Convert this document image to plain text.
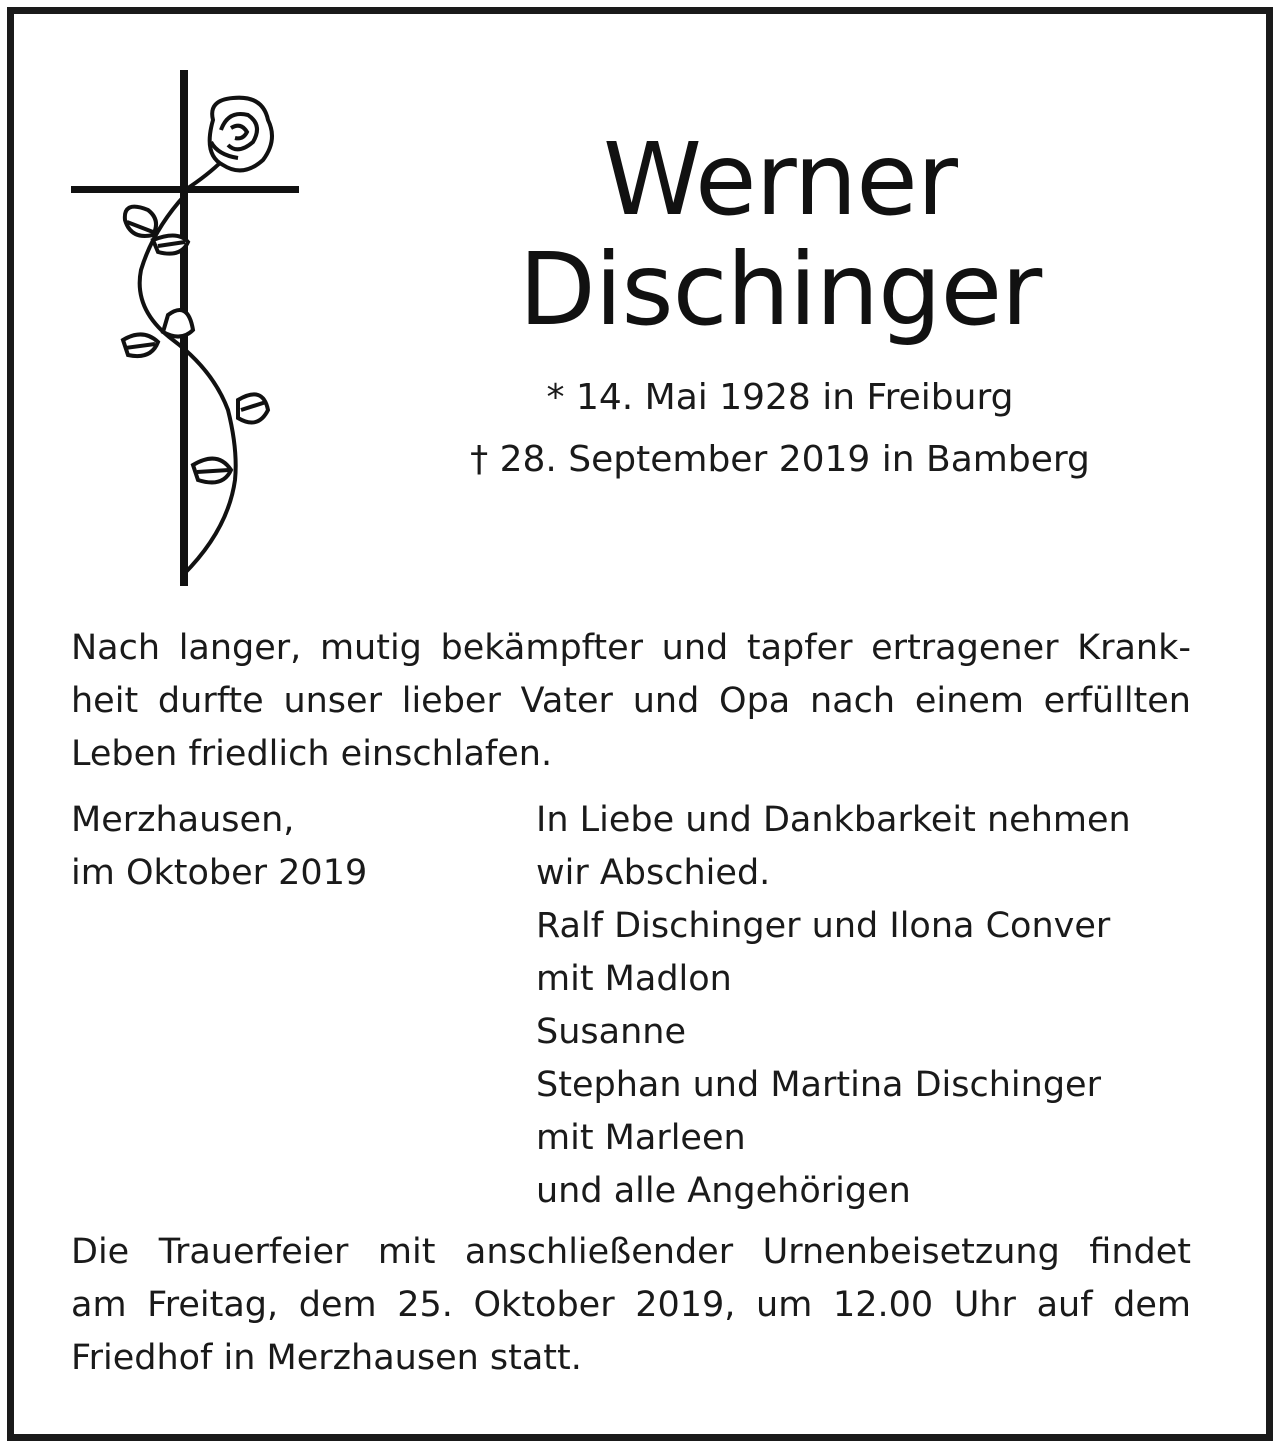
Werner
Dischinger
* 14. Mai 1928 in Freiburg
† 28. September 2019 in Bamberg
Nach langer, mutig bekämpfter und tapfer ertragener Krank-
heit durfte unser lieber Vater und Opa nach einem erfüllten
Leben friedlich einschlafen.
Merzhausen,
im Oktober 2019
In Liebe und Dankbarkeit nehmen
wir Abschied.
Ralf Dischinger und Ilona Conver
mit Madlon
Susanne
Stephan und Martina Dischinger
mit Marleen
und alle Angehörigen
Die Trauerfeier mit anschließender Urnenbeisetzung findet
am Freitag, dem 25. Oktober 2019, um 12.00 Uhr auf dem
Friedhof in Merzhausen statt.
